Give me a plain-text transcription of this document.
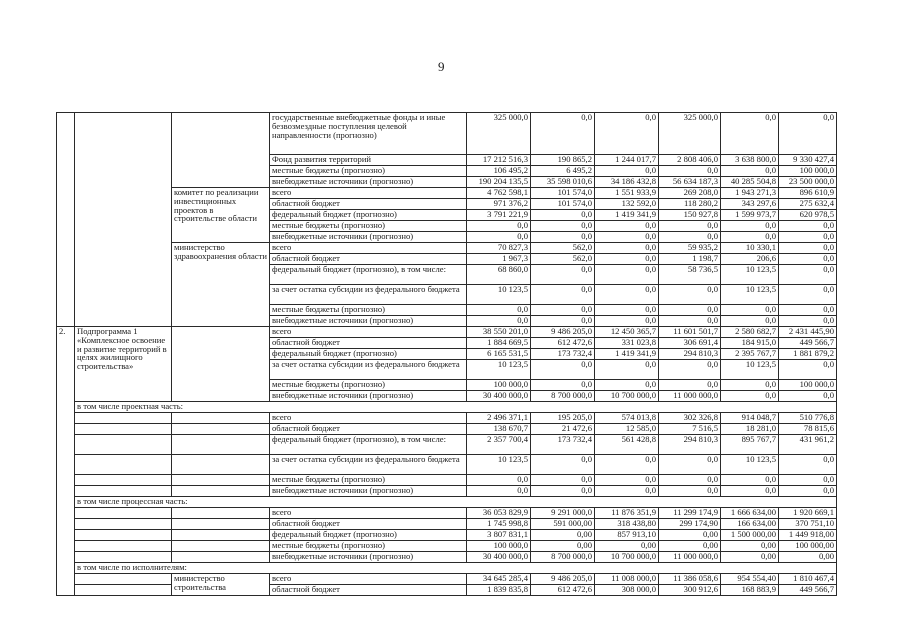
9
			государственные внебюджетные фонды и иные безвозмездные поступления целевой направленности (прогнозно)	325 000,0	0,0	0,0	325 000,0	0,0	0,0
			Фонд развития территорий	17 212 516,3	190 865,2	1 244 017,7	2 808 406,0	3 638 800,0	9 330 427,4
			местные бюджеты (прогнозно)	106 495,2	6 495,2	0,0	0,0	0,0	100 000,0
			внебюджетные источники (прогнозно)	190 204 135,5	35 598 010,6	34 186 432,8	56 634 187,3	40 285 504,8	23 500 000,0
		комитет по реализации инвестиционных проектов в строительстве области	всего	4 762 598,1	101 574,0	1 551 933,9	269 208,0	1 943 271,3	896 610,9
			областной бюджет	971 376,2	101 574,0	132 592,0	118 280,2	343 297,6	275 632,4
			федеральный бюджет (прогнозно)	3 791 221,9	0,0	1 419 341,9	150 927,8	1 599 973,7	620 978,5
			местные бюджеты (прогнозно)	0,0	0,0	0,0	0,0	0,0	0,0
			внебюджетные источники (прогнозно)	0,0	0,0	0,0	0,0	0,0	0,0
		министерство здравоохранения области	всего	70 827,3	562,0	0,0	59 935,2	10 330,1	0,0
			областной бюджет	1 967,3	562,0	0,0	1 198,7	206,6	0,0
			федеральный бюджет (прогнозно), в том числе:	68 860,0	0,0	0,0	58 736,5	10 123,5	0,0
			за счет остатка субсидии из федерального бюджета	10 123,5	0,0	0,0	0,0	10 123,5	0,0
			местные бюджеты (прогнозно)	0,0	0,0	0,0	0,0	0,0	0,0
			внебюджетные источники (прогнозно)	0,0	0,0	0,0	0,0	0,0	0,0
2.	Подпрограмма 1 «Комплексное освоение и развитие территорий в целях жилищного строительства»		всего	38 550 201,0	9 486 205,0	12 450 365,7	11 601 501,7	2 580 682,7	2 431 445,90
			областной бюджет	1 884 669,5	612 472,6	331 023,8	306 691,4	184 915,0	449 566,7
			федеральный бюджет (прогнозно)	6 165 531,5	173 732,4	1 419 341,9	294 810,3	2 395 767,7	1 881 879,2
			за счет остатка субсидии из федерального бюджета	10 123,5	0,0	0,0	0,0	10 123,5	0,0
			местные бюджеты (прогнозно)	100 000,0	0,0	0,0	0,0	0,0	100 000,0
			внебюджетные источники (прогнозно)	30 400 000,0	8 700 000,0	10 700 000,0	11 000 000,0	0,0	0,0
	в том числе проектная часть:								
			всего	2 496 371,1	195 205,0	574 013,8	302 326,8	914 048,7	510 776,8
			областной бюджет	138 670,7	21 472,6	12 585,0	7 516,5	18 281,0	78 815,6
			федеральный бюджет (прогнозно), в том числе:	2 357 700,4	173 732,4	561 428,8	294 810,3	895 767,7	431 961,2
			за счет остатка субсидии из федерального бюджета	10 123,5	0,0	0,0	0,0	10 123,5	0,0
			местные бюджеты (прогнозно)	0,0	0,0	0,0	0,0	0,0	0,0
			внебюджетные источники (прогнозно)	0,0	0,0	0,0	0,0	0,0	0,0
	в том числе процессная часть:								
			всего	36 053 829,9	9 291 000,0	11 876 351,9	11 299 174,9	1 666 634,00	1 920 669,1
			областной бюджет	1 745 998,8	591 000,00	318 438,80	299 174,90	166 634,00	370 751,10
			федеральный бюджет (прогнозно)	3 807 831,1	0,00	857 913,10	0,00	1 500 000,00	1 449 918,00
			местные бюджеты (прогнозно)	100 000,0	0,00	0,00	0,00	0,00	100 000,00
			внебюджетные источники (прогнозно)	30 400 000,0	8 700 000,0	10 700 000,0	11 000 000,0	0,00	0,00
	в том числе по исполнителям:								
		министерство строительства	всего	34 645 285,4	9 486 205,0	11 008 000,0	11 386 058,6	954 554,40	1 810 467,4
			областной бюджет	1 839 835,8	612 472,6	308 000,0	300 912,6	168 883,9	449 566,7
